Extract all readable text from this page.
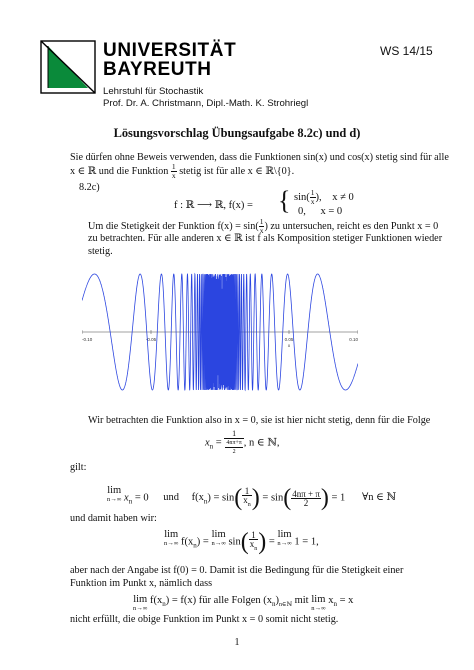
UNIVERSITÄT
BAYREUTH
Lehrstuhl für Stochastik
Prof. Dr. A. Christmann, Dipl.-Math. K. Strohriegl
WS 14/15
Lösungsvorschlag Übungsaufgabe 8.2c) und d)
Sie dürfen ohne Beweis verwenden, dass die Funktionen sin(x) und cos(x) stetig sind für alle
x ∈ ℝ und die Funktion $\frac{1}{x}$ stetig ist für alle x ∈ ℝ\{0}.
8.2c)
f : ℝ ⟶ ℝ, f(x) = { $\sin( \frac{1}{x}$ ), x ≠ 0
0, x = 0
Um die Stetigkeit der Funktion $f(x) = \sin( \frac{1}{x}$ ) zu untersuchen, reicht es den Punkt x = 0
zu betrachten. Für alle anderen x ∈ ℝ ist f als Komposition stetiger Funktionen wieder
stetig.
-0.10	-0.05	0.00	0.05	0.10
x
Wir betrachten die Funktion also in x = 0, sie ist hier nicht stetig, denn für die Folge
$x_n = \frac{1}{\frac{4n\pi+\pi}{2}}$ , n ∈ ℕ,
gilt:
lim
n→∞ $x_n = 0$ und $f(x_n) = \sin( \frac{1}{x_n}$ ) = $\sin( \frac{4n\pi + \pi}{2}$ ) = 1 ∀n ∈ ℕ
und damit haben wir:
lim
n→∞ $f(x_n) = \lim$
n→∞ $\sin( \frac{1}{x_n}$ ) = lim
n→∞ 1 = 1,
aber nach der Angabe ist f(0) = 0. Damit ist die Bedingung für die Stetigkeit einer
Funktion im Punkt x, nämlich dass
lim
n→∞
$f(x_n) = f(x)$ für alle Folgen $(x_n)_{n\in ℕ}$ mit lim
n→∞
$x_n = x$
nicht erfüllt, die obige Funktion im Punkt x = 0 somit nicht stetig.
1
